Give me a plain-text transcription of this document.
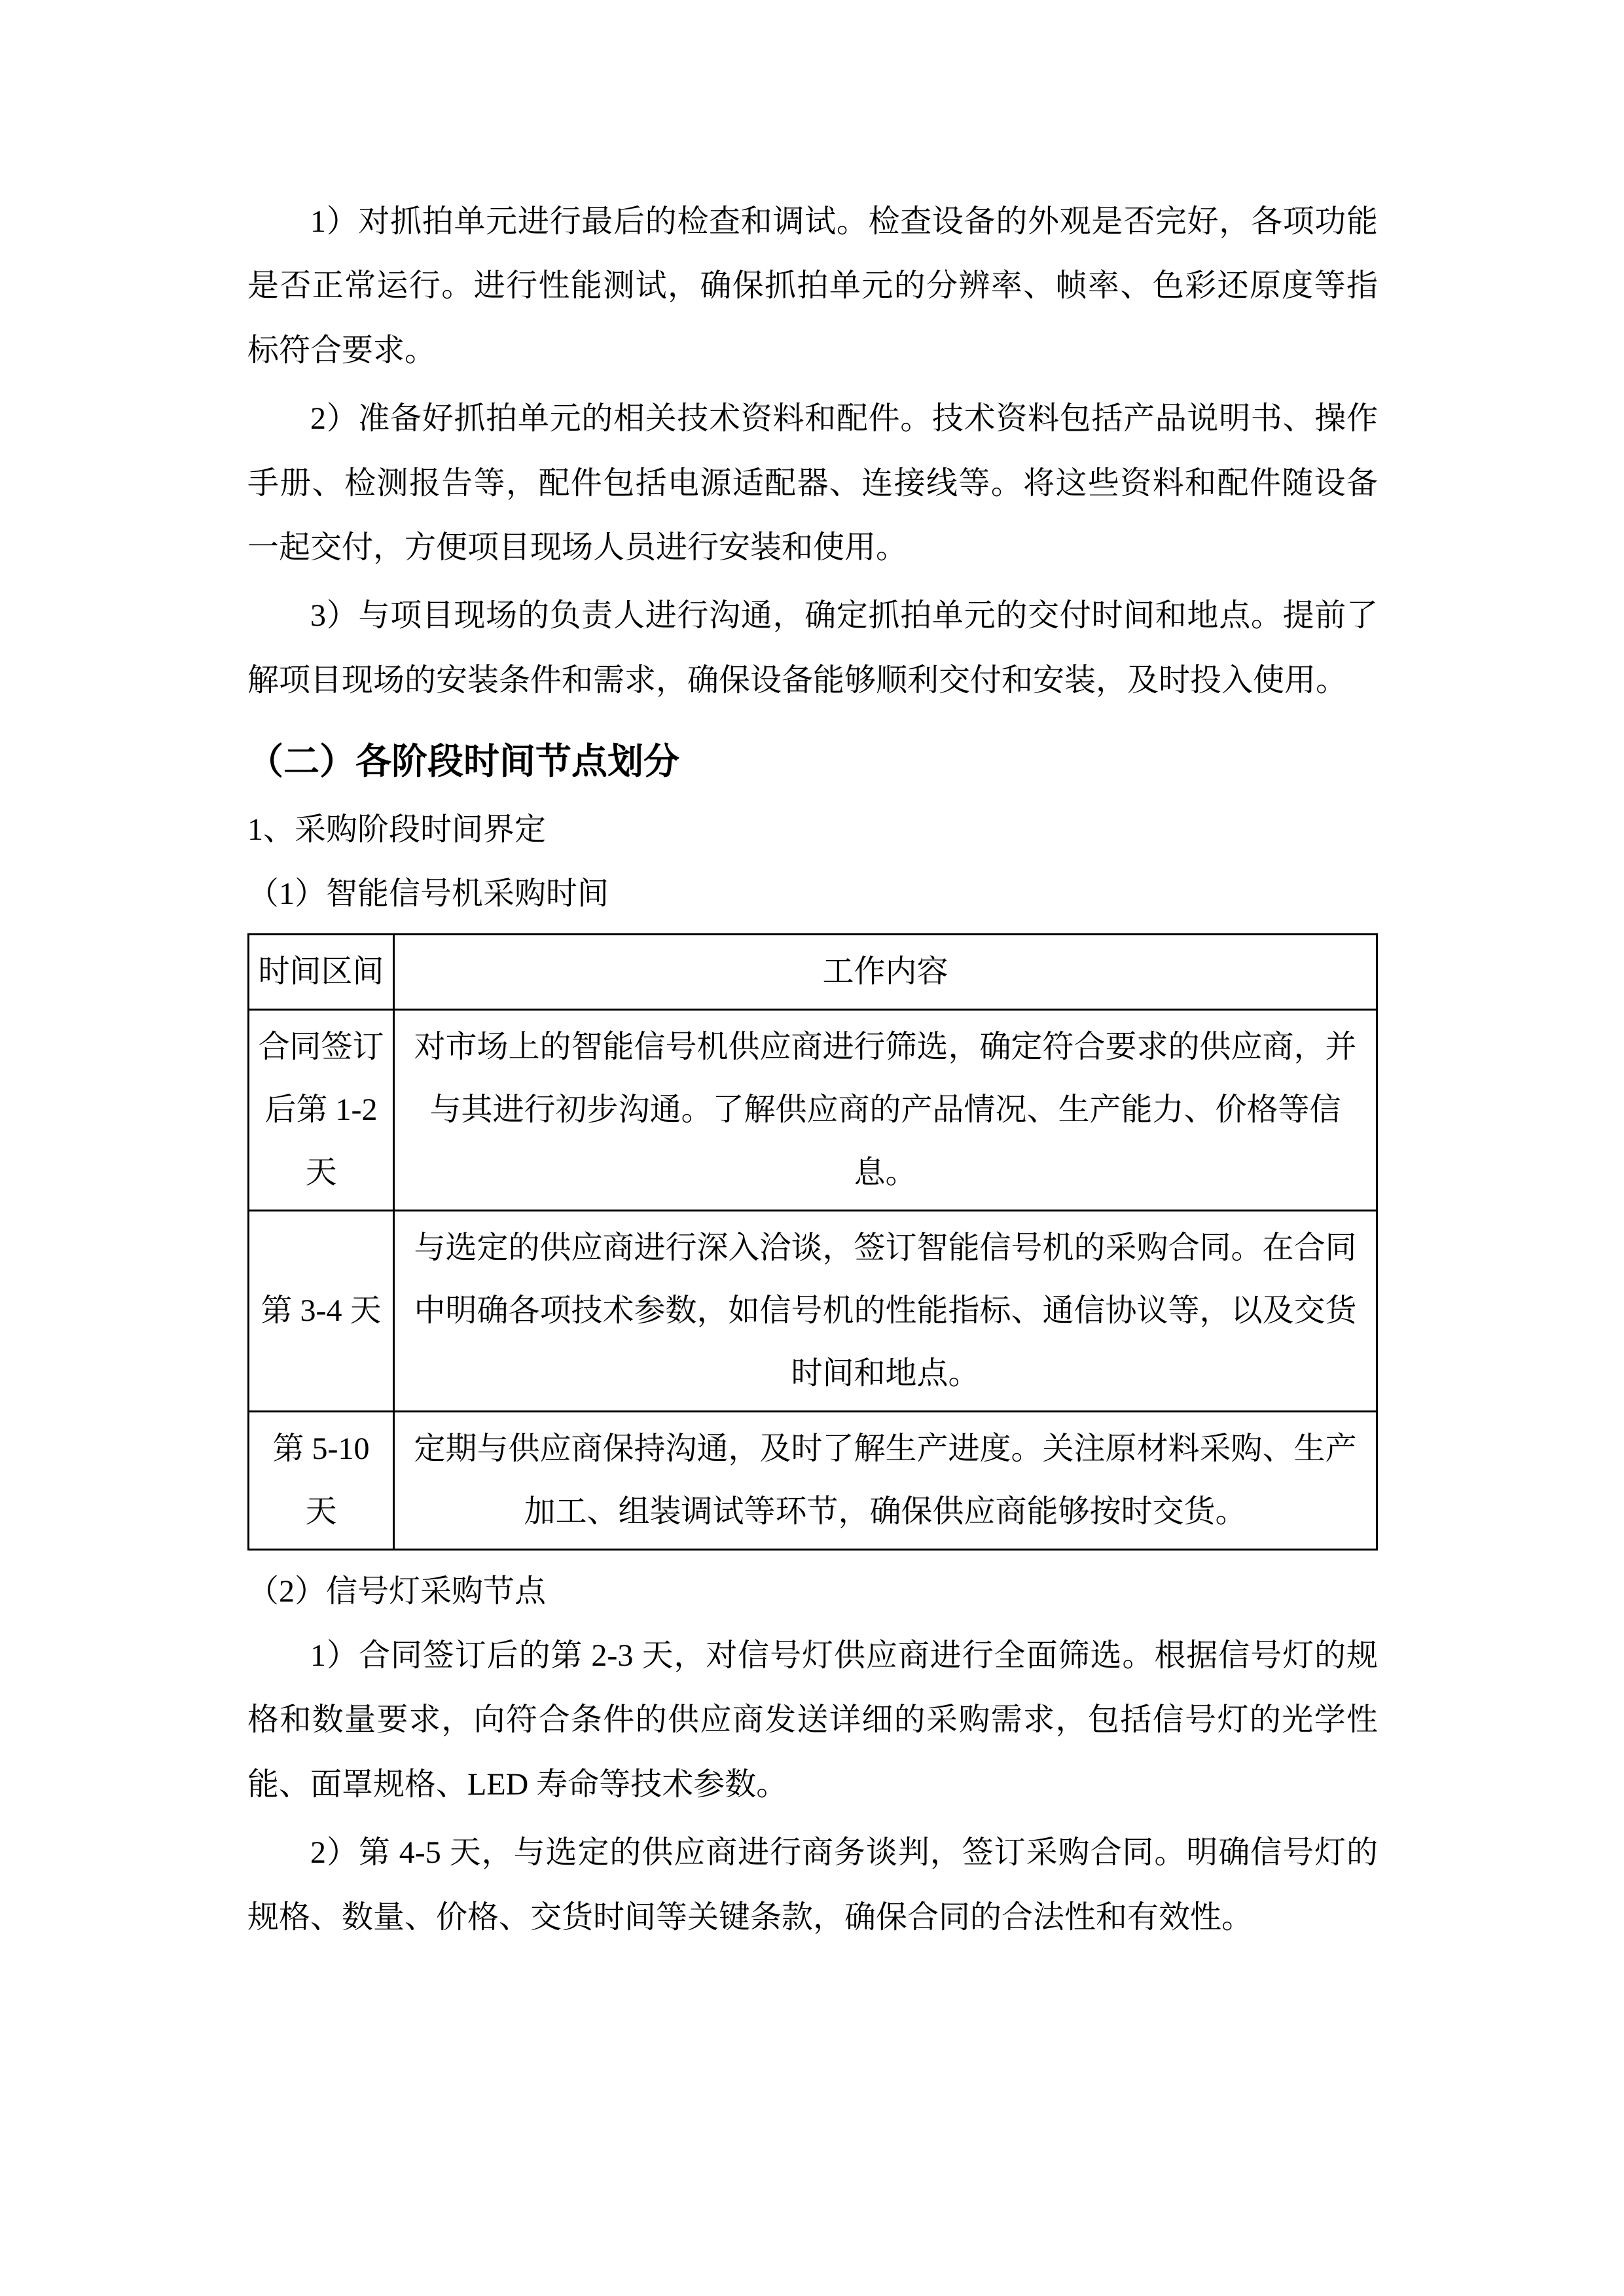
1）对抓拍单元进行最后的检查和调试。检查设备的外观是否完好，各项功能是否正常运行。进行性能测试，确保抓拍单元的分辨率、帧率、色彩还原度等指标符合要求。

2）准备好抓拍单元的相关技术资料和配件。技术资料包括产品说明书、操作手册、检测报告等，配件包括电源适配器、连接线等。将这些资料和配件随设备一起交付，方便项目现场人员进行安装和使用。

3）与项目现场的负责人进行沟通，确定抓拍单元的交付时间和地点。提前了解项目现场的安装条件和需求，确保设备能够顺利交付和安装，及时投入使用。

（二）各阶段时间节点划分

1、采购阶段时间界定

（1）智能信号机采购时间

时间区间	工作内容
合同签订后第 1-2 天	对市场上的智能信号机供应商进行筛选，确定符合要求的供应商，并与其进行初步沟通。了解供应商的产品情况、生产能力、价格等信息。
第 3-4 天	与选定的供应商进行深入洽谈，签订智能信号机的采购合同。在合同中明确各项技术参数，如信号机的性能指标、通信协议等，以及交货时间和地点。
第 5-10 天	定期与供应商保持沟通，及时了解生产进度。关注原材料采购、生产加工、组装调试等环节，确保供应商能够按时交货。

（2）信号灯采购节点

1）合同签订后的第 2-3 天，对信号灯供应商进行全面筛选。根据信号灯的规格和数量要求，向符合条件的供应商发送详细的采购需求，包括信号灯的光学性能、面罩规格、LED 寿命等技术参数。

2）第 4-5 天，与选定的供应商进行商务谈判，签订采购合同。明确信号灯的规格、数量、价格、交货时间等关键条款，确保合同的合法性和有效性。
